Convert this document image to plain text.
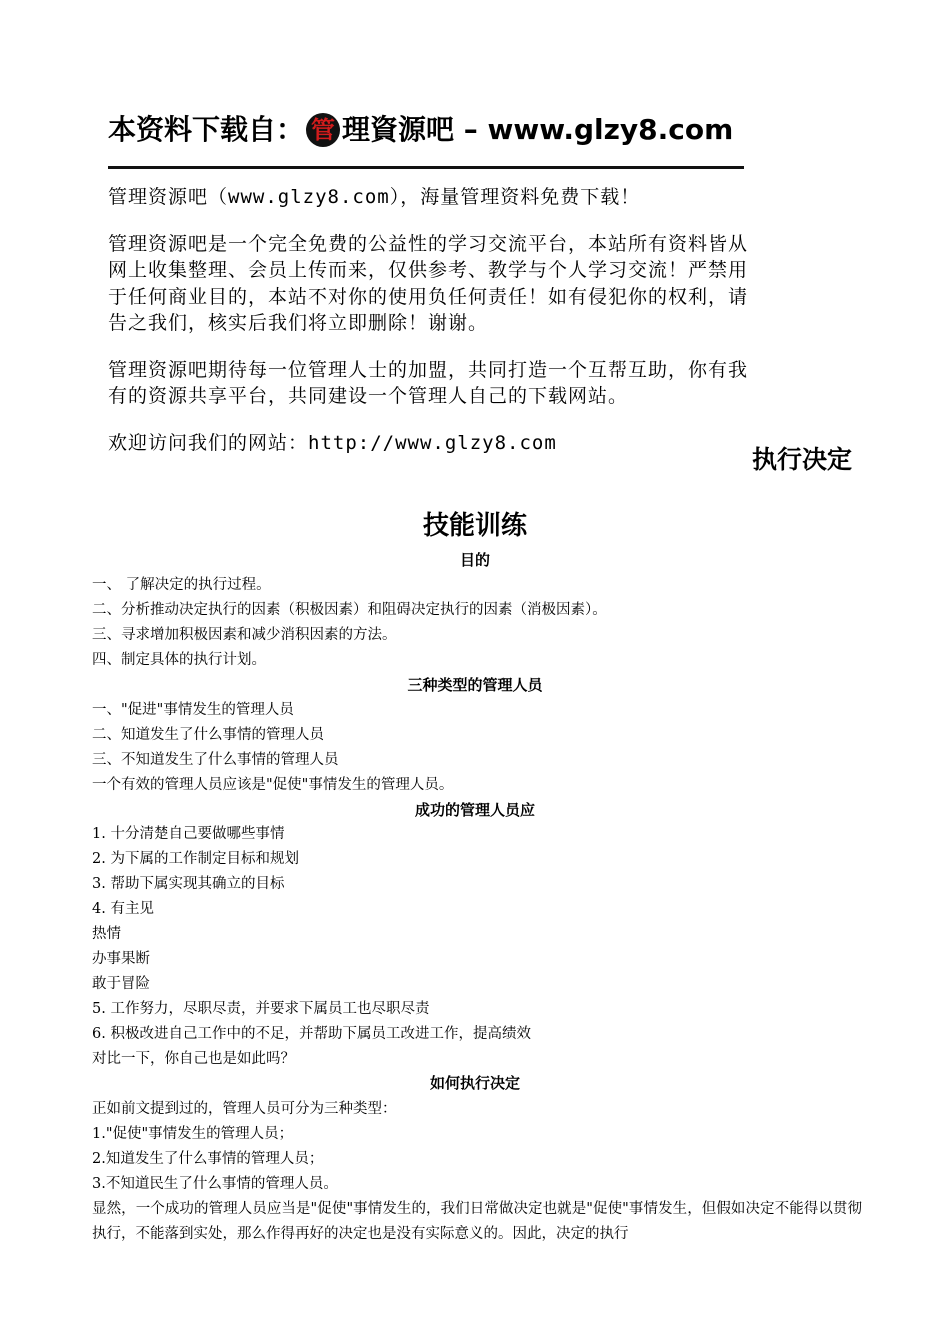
本资料下载自： 管 理資源吧 – www.glzy8.com

管理资源吧（www.glzy8.com），海量管理资料免费下载！

管理资源吧是一个完全免费的公益性的学习交流平台，本站所有资料皆从网上收集整理、会员上传而来，仅供参考、教学与个人学习交流！严禁用于任何商业目的，本站不对你的使用负任何责任！如有侵犯你的权利，请告之我们，核实后我们将立即删除！谢谢。

管理资源吧期待每一位管理人士的加盟，共同打造一个互帮互助，你有我有的资源共享平台，共同建设一个管理人自己的下载网站。

欢迎访问我们的网站：http://www.glzy8.com

执行决定
技能训练
目的
一、 了解决定的执行过程。
二、分析推动决定执行的因素（积极因素）和阻碍决定执行的因素（消极因素）。
三、寻求增加积极因素和减少消积因素的方法。
四、制定具体的执行计划。
三种类型的管理人员
一、"促进"事情发生的管理人员
二、知道发生了什么事情的管理人员
三、不知道发生了什么事情的管理人员
一个有效的管理人员应该是"促使"事情发生的管理人员。
成功的管理人员应
1. 十分清楚自己要做哪些事情
2. 为下属的工作制定目标和规划
3. 帮助下属实现其确立的目标
4. 有主见
热情
办事果断
敢于冒险
5. 工作努力，尽职尽责，并要求下属员工也尽职尽责
6. 积极改进自己工作中的不足，并帮助下属员工改进工作，提高绩效
对比一下，你自己也是如此吗？
如何执行决定
正如前文提到过的，管理人员可分为三种类型：
1."促使"事情发生的管理人员；
2.知道发生了什么事情的管理人员；
3.不知道民生了什么事情的管理人员。
显然，一个成功的管理人员应当是"促使"事情发生的，我们日常做决定也就是"促使"事情发生，但假如决定不能得以贯彻执行，不能落到实处，那么作得再好的决定也是没有实际意义的。因此，决定的执行
